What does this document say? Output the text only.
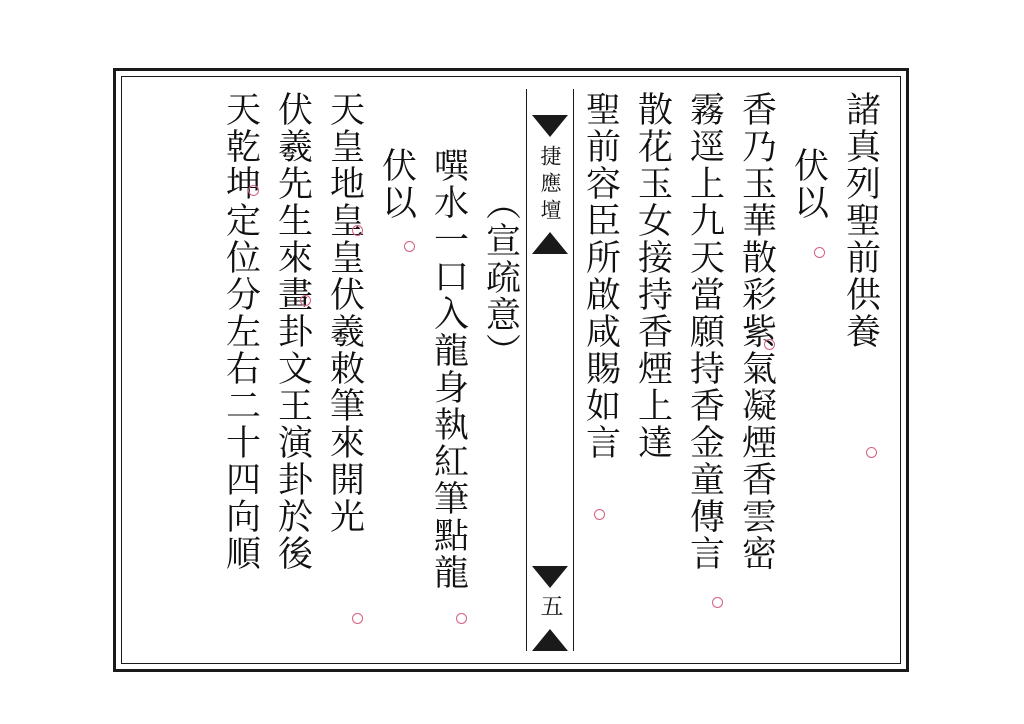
諸真列聖前供養
伏以
香乃玉華散彩紫氣凝煙香雲密
霧逕上九天當願持香金童傳言
散花玉女接持香煙上達
聖前容臣所啟咸賜如言
捷應壇
五
（宣疏意）
噀水一口入龍身執紅筆點龍
伏以
天皇地皇皇伏羲敕筆來開光
伏羲先生來畫卦文王演卦於後
天乾坤定位分左右二十四向順
